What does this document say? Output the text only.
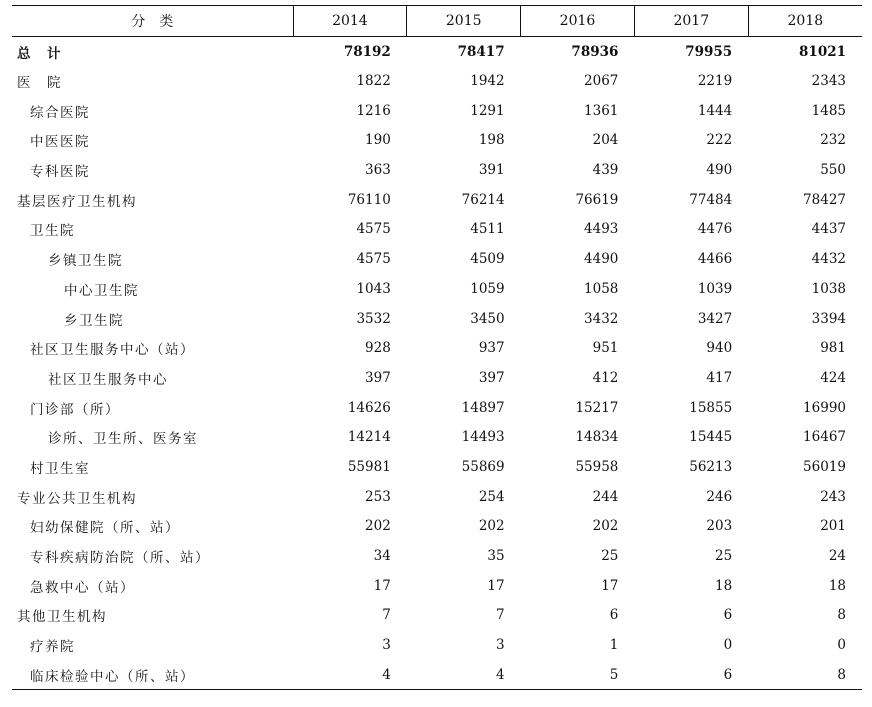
分　类	2014	2015	2016	2017	2018
总　计	78192	78417	78936	79955	81021
医　院	1822	1942	2067	2219	2343
综合医院	1216	1291	1361	1444	1485
中医医院	190	198	204	222	232
专科医院	363	391	439	490	550
基层医疗卫生机构	76110	76214	76619	77484	78427
卫生院	4575	4511	4493	4476	4437
乡镇卫生院	4575	4509	4490	4466	4432
中心卫生院	1043	1059	1058	1039	1038
乡卫生院	3532	3450	3432	3427	3394
社区卫生服务中心（站）	928	937	951	940	981
社区卫生服务中心	397	397	412	417	424
门诊部（所）	14626	14897	15217	15855	16990
诊所、卫生所、医务室	14214	14493	14834	15445	16467
村卫生室	55981	55869	55958	56213	56019
专业公共卫生机构	253	254	244	246	243
妇幼保健院（所、站）	202	202	202	203	201
专科疾病防治院（所、站）	34	35	25	25	24
急救中心（站）	17	17	17	18	18
其他卫生机构	7	7	6	6	8
疗养院	3	3	1	0	0
临床检验中心（所、站）	4	4	5	6	8
